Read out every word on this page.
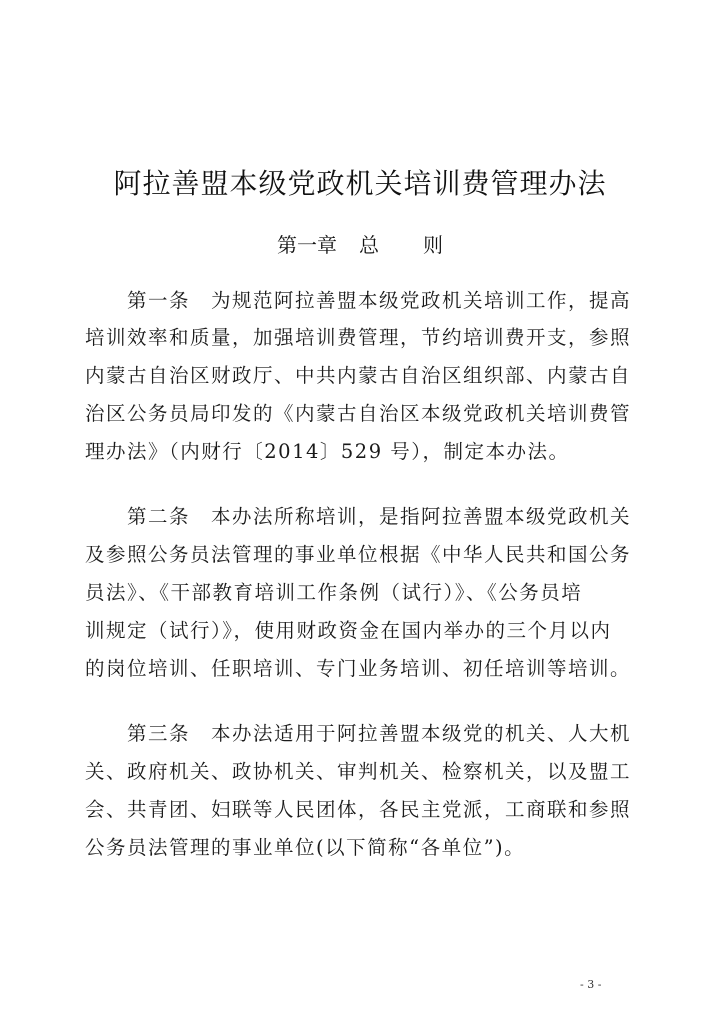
阿拉善盟本级党政机关培训费管理办法
第一章 总 则
第一条　为规范阿拉善盟本级党政机关培训工作，提高
培训效率和质量，加强培训费管理，节约培训费开支，参照
内蒙古自治区财政厅、中共内蒙古自治区组织部、内蒙古自
治区公务员局印发的《内蒙古自治区本级党政机关培训费管
理办法》（内财行〔2014〕529 号），制定本办法。
第二条　本办法所称培训，是指阿拉善盟本级党政机关
及参照公务员法管理的事业单位根据《中华人民共和国公务
员法》、《干部教育培训工作条例（试行）》、《公务员培
训规定（试行）》，使用财政资金在国内举办的三个月以内
的岗位培训、任职培训、专门业务培训、初任培训等培训。
第三条　本办法适用于阿拉善盟本级党的机关、人大机
关、政府机关、政协机关、审判机关、检察机关，以及盟工
会、共青团、妇联等人民团体，各民主党派，工商联和参照
公务员法管理的事业单位(以下简称“各单位”)。
- 3 -
